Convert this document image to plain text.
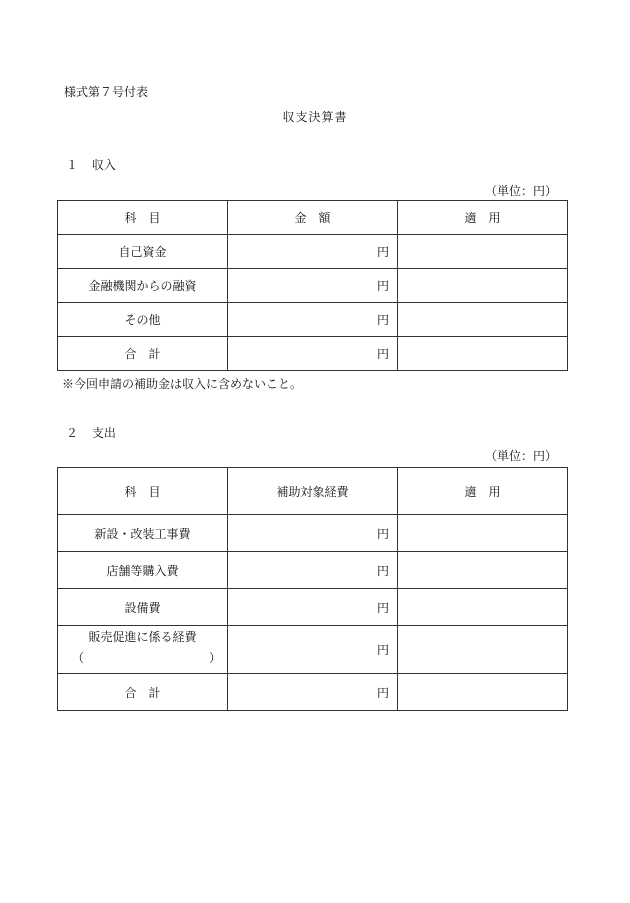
様式第７号付表
収支決算書
１ 収入
（単位：円）
科　目	金　額	適　用
自己資金	円	
金融機関からの融資	円	
その他	円	
合　計	円	
※今回申請の補助金は収入に含めないこと。
２ 支出
（単位：円）
科　目	補助対象経費	適　用
新設・改装工事費	円	
店舗等購入費	円	
設備費	円	

販売促進に係る経費
（ ）	円	
合　計	円	
